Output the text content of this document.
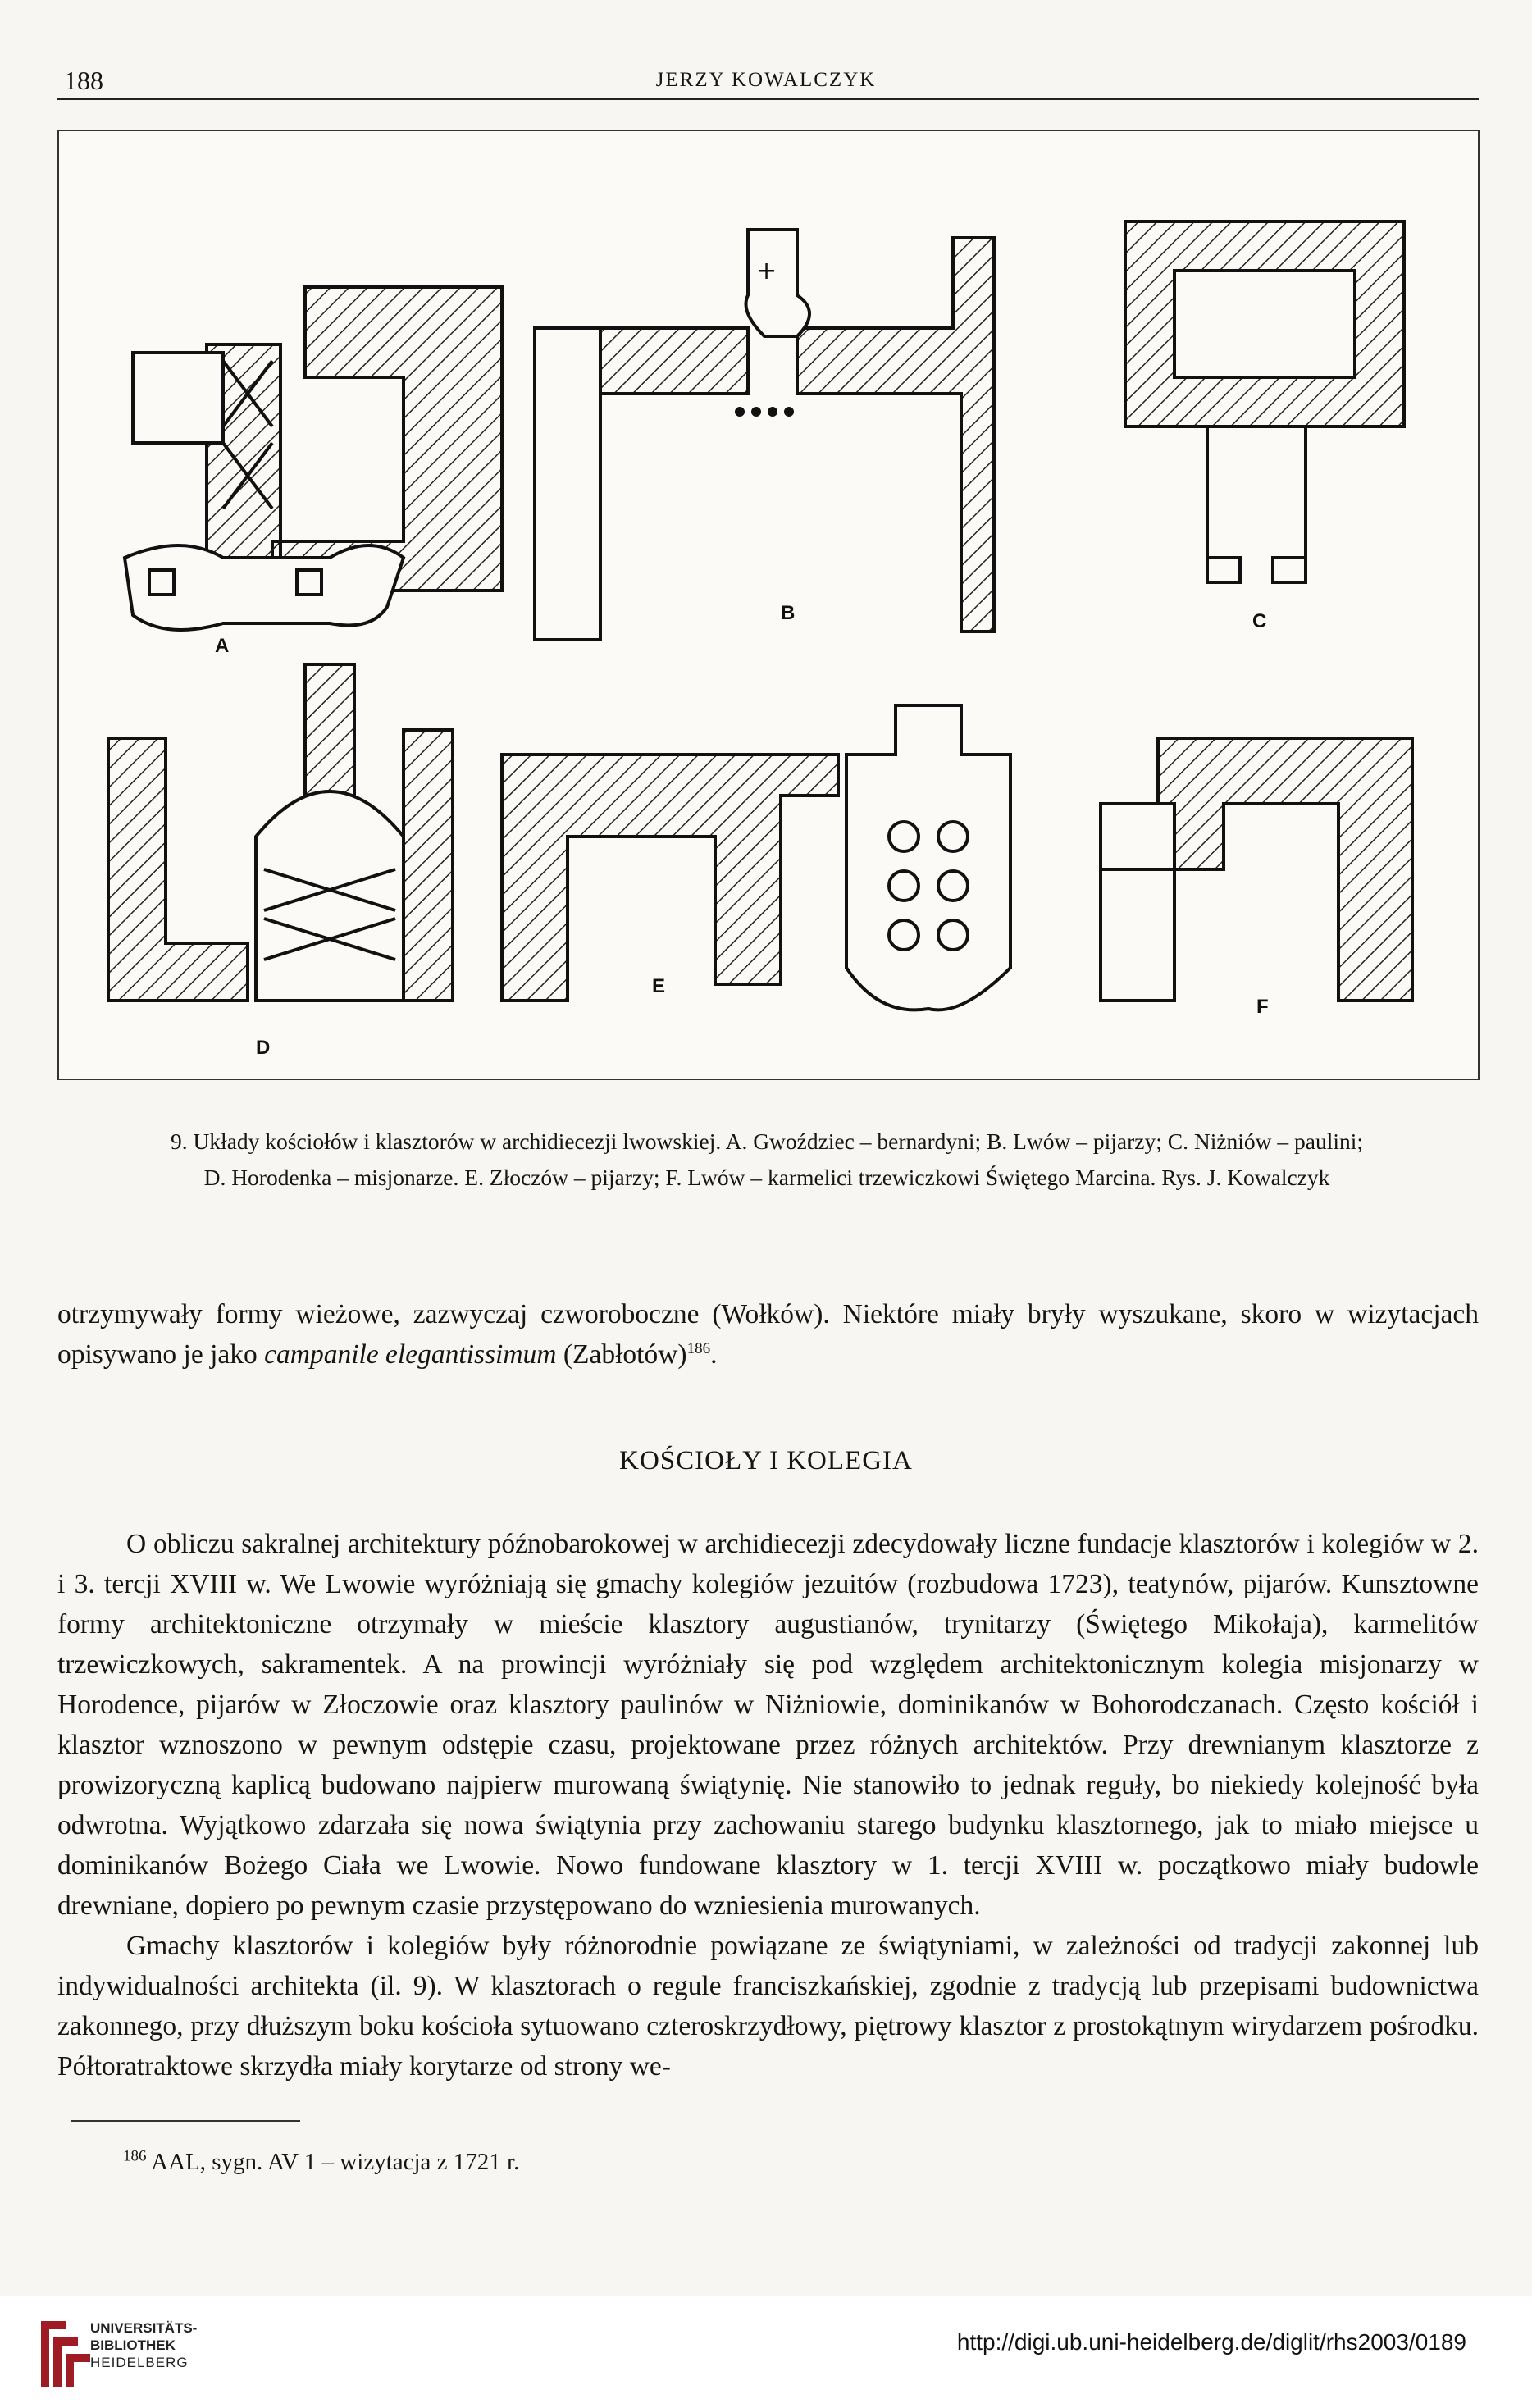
188	JERZY KOWALCZYK
+
A
B	C
D
E
F
9. Układy kościołów i klasztorów w archidiecezji lwowskiej. A. Gwoździec – bernardyni; B. Lwów – pijarzy; C. Niżniów – paulini;
D. Horodenka – misjonarze. E. Złoczów – pijarzy; F. Lwów – karmelici trzewiczkowi Świętego Marcina. Rys. J. Kowalczyk

otrzymywały formy wieżowe, zazwyczaj czworoboczne (Wołków). Niektóre miały bryły wyszukane, skoro w wizytacjach opisywano je jako campanile elegantissimum (Zabłotów)$^{186}$.

KOŚCIOŁY I KOLEGIA

O obliczu sakralnej architektury późnobarokowej w archidiecezji zdecydowały liczne fundacje klasztorów i kolegiów w 2. i 3. tercji XVIII w. We Lwowie wyróżniają się gmachy kolegiów jezuitów (rozbudowa 1723), teatynów, pijarów. Kunsztowne formy architektoniczne otrzymały w mieście klasztory augustianów, trynitarzy (Świętego Mikołaja), karmelitów trzewiczkowych, sakramentek. A na prowincji wyróżniały się pod względem architektonicznym kolegia misjonarzy w Horodence, pijarów w Złoczowie oraz klasztory paulinów w Niżniowie, dominikanów w Bohorodczanach. Często kościół i klasztor wznoszono w pewnym odstępie czasu, projektowane przez różnych architektów. Przy drewnianym klasztorze z prowizoryczną kaplicą budowano najpierw murowaną świątynię. Nie stanowiło to jednak reguły, bo niekiedy kolejność była odwrotna. Wyjątkowo zdarzała się nowa świątynia przy zachowaniu starego budynku klasztornego, jak to miało miejsce u dominikanów Bożego Ciała we Lwowie. Nowo fundowane klasztory w 1. tercji XVIII w. początkowo miały budowle drewniane, dopiero po pewnym czasie przystępowano do wzniesienia murowanych.

Gmachy klasztorów i kolegiów były różnorodnie powiązane ze świątyniami, w zależności od tradycji zakonnej lub indywidualności architekta (il. 9). W klasztorach o regule franciszkańskiej, zgodnie z tradycją lub przepisami budownictwa zakonnego, przy dłuższym boku kościoła sytuowano czteroskrzydłowy, piętrowy klasztor z prostokątnym wirydarzem pośrodku. Półtoratraktowe skrzydła miały korytarze od strony we-

$^{186}$ AAL, sygn. AV 1 – wizytacja z 1721 r.
UNIVERSITÄTS-
BIBLIOTHEK
HEIDELBERG
http://digi.ub.uni-heidelberg.de/diglit/rhs2003/0189
